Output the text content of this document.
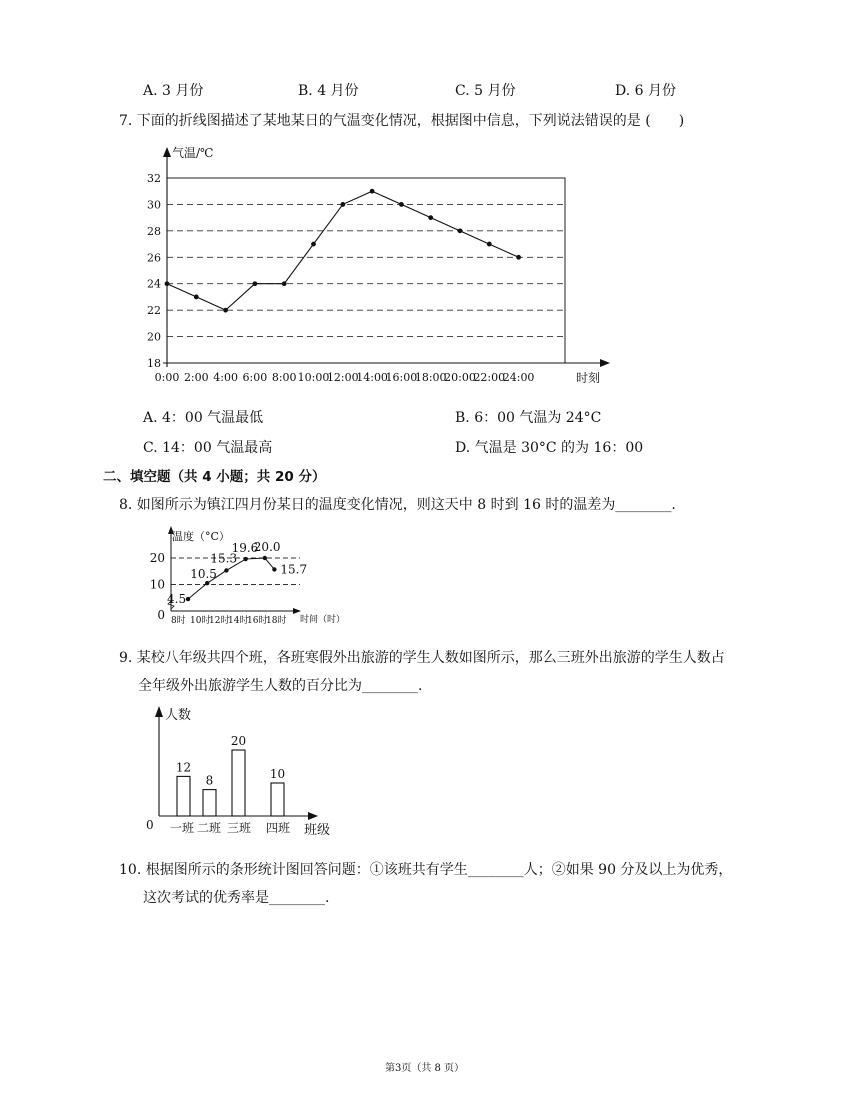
A. 3 月份	B. 4 月份	C. 5 月份	D. 6 月份
7. 下面的折线图描述了某地某日的气温变化情况，根据图中信息，下列说法错误的是 (　　)
18
20
22
24
26
28
30
32
0:00 2:00 4:00 6:00 8:00 10:00
12:00
14:00
16:00
18:00
20:00
22:00
24:00
气温/℃
时刻
A. 4：00 气温最低	B. 6：00 气温为 24°C
C. 14：00 气温最高	D. 气温是 30°C 的为 16：00
二、填空题（共 4 小题；共 20 分）
8. 如图所示为镇江四月份某日的温度变化情况，则这天中 8 时到 16 时的温差为________.
0
10
20
8时 10时
12时
14时
16时
18时
4.5
10.5
15.3
19.6
20.0
15.7
温度（°C）
时间（时）
9. 某校八年级共四个班，各班寒假外出旅游的学生人数如图所示，那么三班外出旅游的学生人数占
全年级外出旅游学生人数的百分比为________.
12
8
20
10
一班 二班 三班 四班
人数
班级
0
10. 根据图所示的条形统计图回答问题：①该班共有学生________人；②如果 90 分及以上为优秀，
这次考试的优秀率是________.
第3页（共 8 页）
